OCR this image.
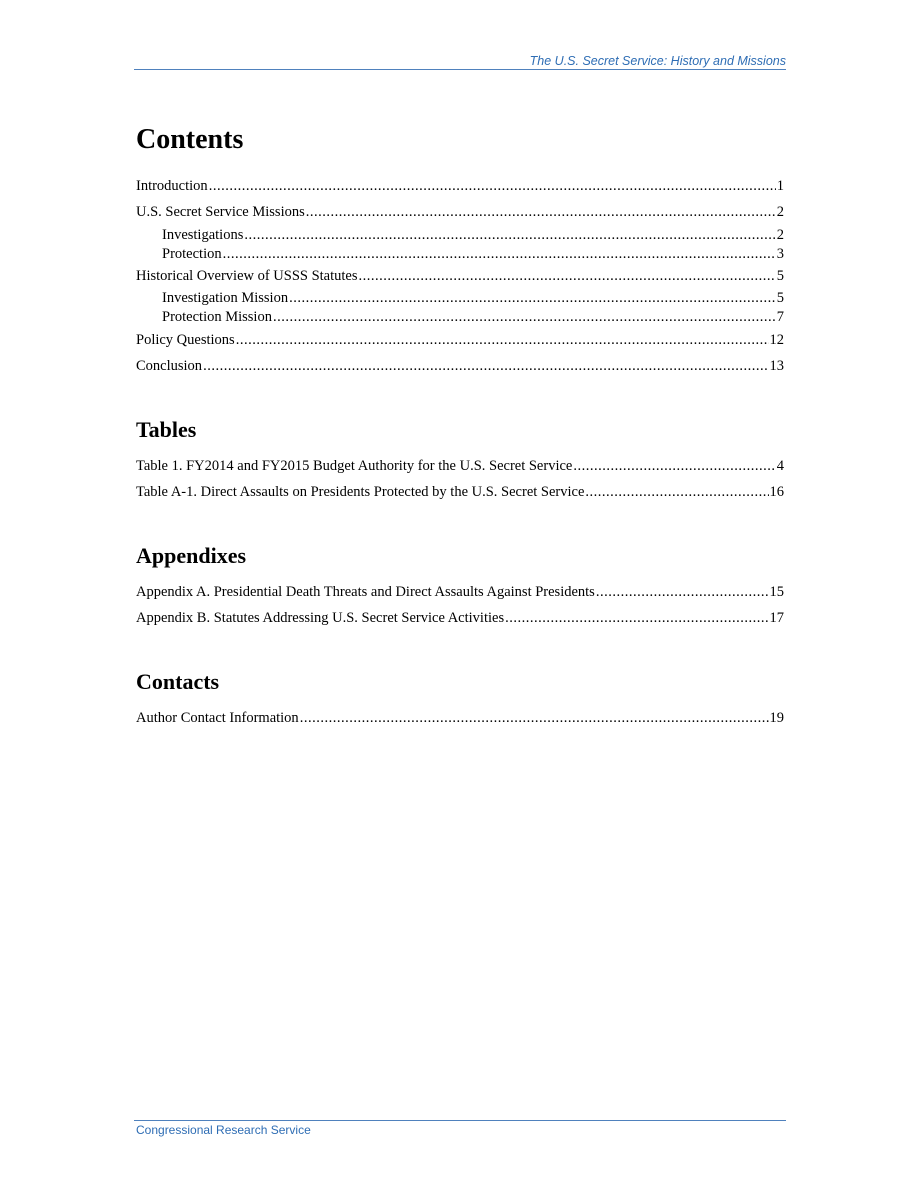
The U.S. Secret Service: History and Missions
Contents
Introduction .....	1
U.S. Secret Service Missions .....	2
Investigations .....	2
Protection .....	3
Historical Overview of USSS Statutes .....	5
Investigation Mission .....	5
Protection Mission .....	7
Policy Questions .....	12
Conclusion .....	13
Tables
Table 1. FY2014 and FY2015 Budget Authority for the U.S. Secret Service .....	4
Table A-1. Direct Assaults on Presidents Protected by the U.S. Secret Service .....	16
Appendixes
Appendix A. Presidential Death Threats and Direct Assaults Against Presidents .....	15
Appendix B. Statutes Addressing U.S. Secret Service Activities .....	17
Contacts
Author Contact Information .....	19
Congressional Research Service
